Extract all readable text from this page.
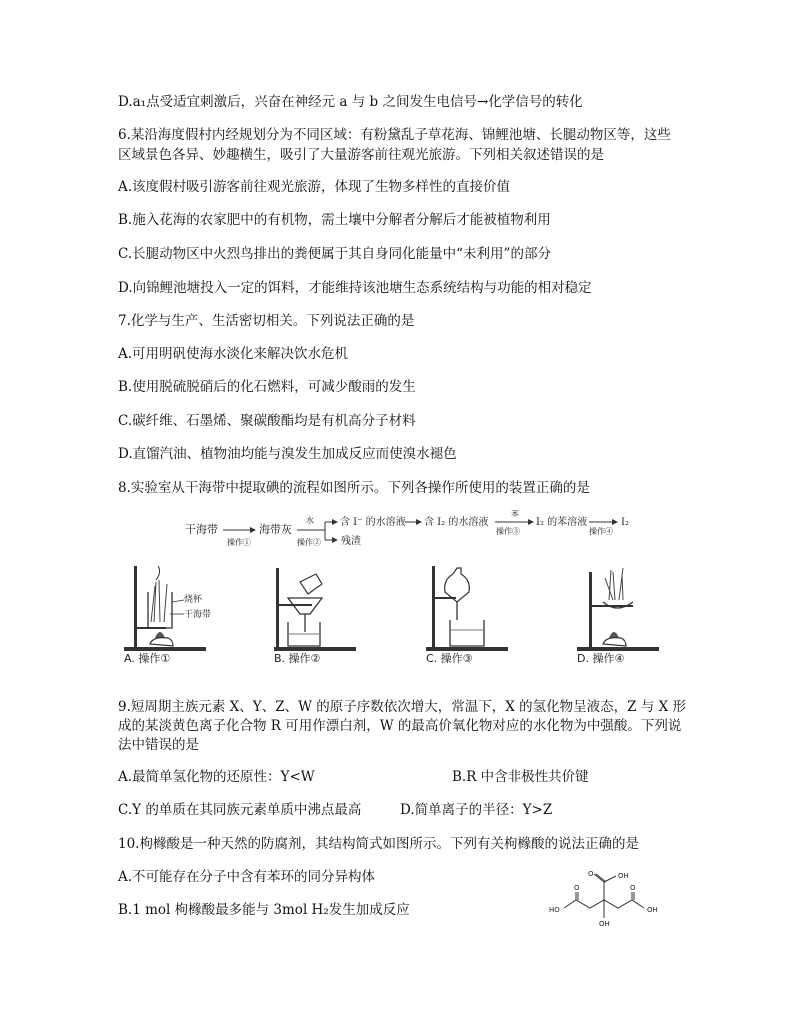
D.a₁点受适宜刺激后，兴奋在神经元 a 与 b 之间发生电信号→化学信号的转化
6.某沿海度假村内经规划分为不同区域：有粉黛乱子草花海、锦鲤池塘、长腿动物区等，这些
区域景色各异、妙趣横生，吸引了大量游客前往观光旅游。下列相关叙述错误的是
A.该度假村吸引游客前往观光旅游，体现了生物多样性的直接价值
B.施入花海的农家肥中的有机物，需土壤中分解者分解后才能被植物利用
C.长腿动物区中火烈鸟排出的粪便属于其自身同化能量中“未利用”的部分
D.向锦鲤池塘投入一定的饵料，才能维持该池塘生态系统结构与功能的相对稳定
7.化学与生产、生活密切相关。下列说法正确的是
A.可用明矾使海水淡化来解决饮水危机
B.使用脱硫脱硝后的化石燃料，可减少酸雨的发生
C.碳纤维、石墨烯、聚碳酸酯均是有机高分子材料
D.直馏汽油、植物油均能与溴发生加成反应而使溴水褪色
8.实验室从干海带中提取碘的流程如图所示。下列各操作所使用的装置正确的是
干海带
操作①
海带灰
水
操作②
含 I⁻ 的水溶液
残渣
含 I₂ 的水溶液
苯
操作③
I₂ 的苯溶液
操作④
I₂
烧杯
干海带
A. 操作①	B. 操作②	C. 操作③	D. 操作④
9.短周期主族元素 X、Y、Z、W 的原子序数依次增大，常温下，X 的氢化物呈液态，Z 与 X 形
成的某淡黄色离子化合物 R 可用作漂白剂，W 的最高价氧化物对应的水化物为中强酸。下列说
法中错误的是
A.最简单氢化物的还原性：Y<W	B.R 中含非极性共价键
C.Y 的单质在其同族元素单质中沸点最高	D.简单离子的半径：Y>Z
10.枸橼酸是一种天然的防腐剂，其结构简式如图所示。下列有关枸橼酸的说法正确的是
A.不可能存在分子中含有苯环的同分异构体
B.1 mol 枸橼酸最多能与 3mol H₂发生加成反应
OH
O
HO	OH
O	O
OH
